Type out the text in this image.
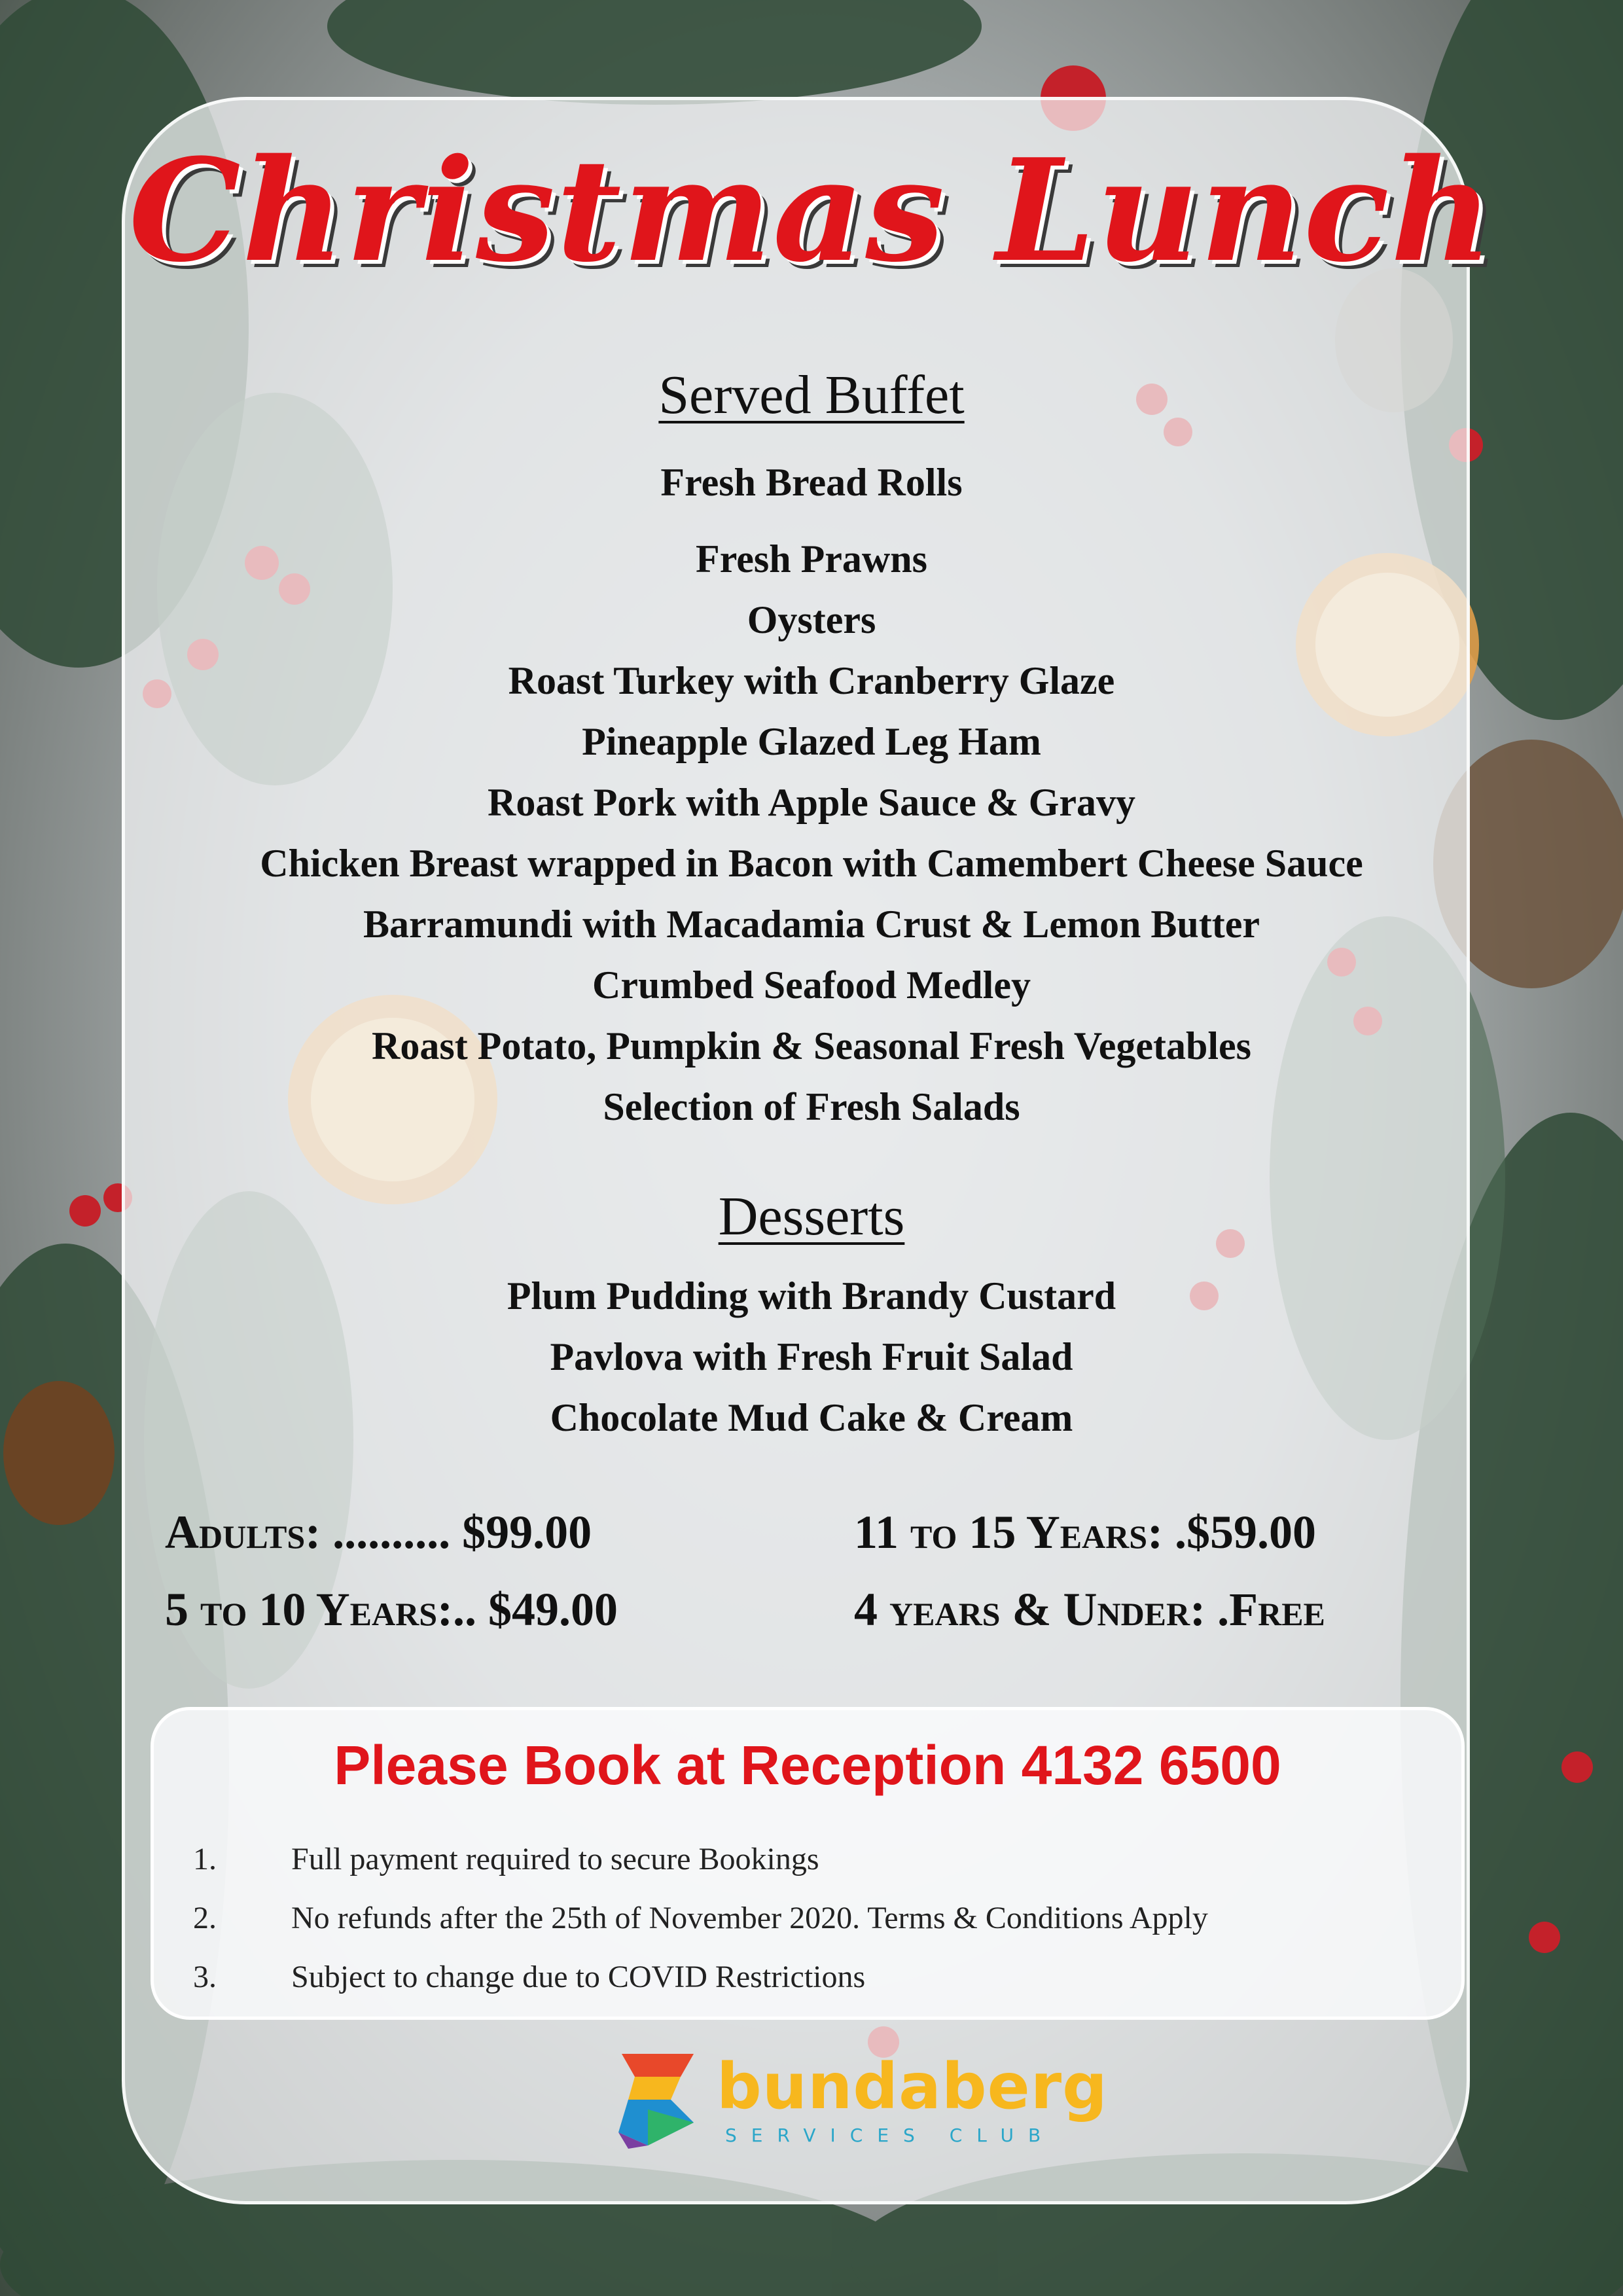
Christmas Lunch
Served Buffet
Fresh Bread Rolls
Fresh Prawns
Oysters
Roast Turkey with Cranberry Glaze
Pineapple Glazed Leg Ham
Roast Pork with Apple Sauce & Gravy
Chicken Breast wrapped in Bacon with Camembert Cheese Sauce
Barramundi with Macadamia Crust & Lemon Butter
Crumbed Seafood Medley
Roast Potato, Pumpkin & Seasonal Fresh Vegetables
Selection of Fresh Salads
Desserts
Plum Pudding with Brandy Custard
Pavlova with Fresh Fruit Salad
Chocolate Mud Cake & Cream
Adults: .......... $99.00	11 to 15 Years: .$59.00
5 to 10 Years:.. $49.00	4 years & Under: .Free
Please Book at Reception 4132 6500
1. Full payment required to secure Bookings
2. No refunds after the 25th of November 2020. Terms & Conditions Apply
3. Subject to change due to COVID Restrictions
bundaberg
SERVICES CLUB
